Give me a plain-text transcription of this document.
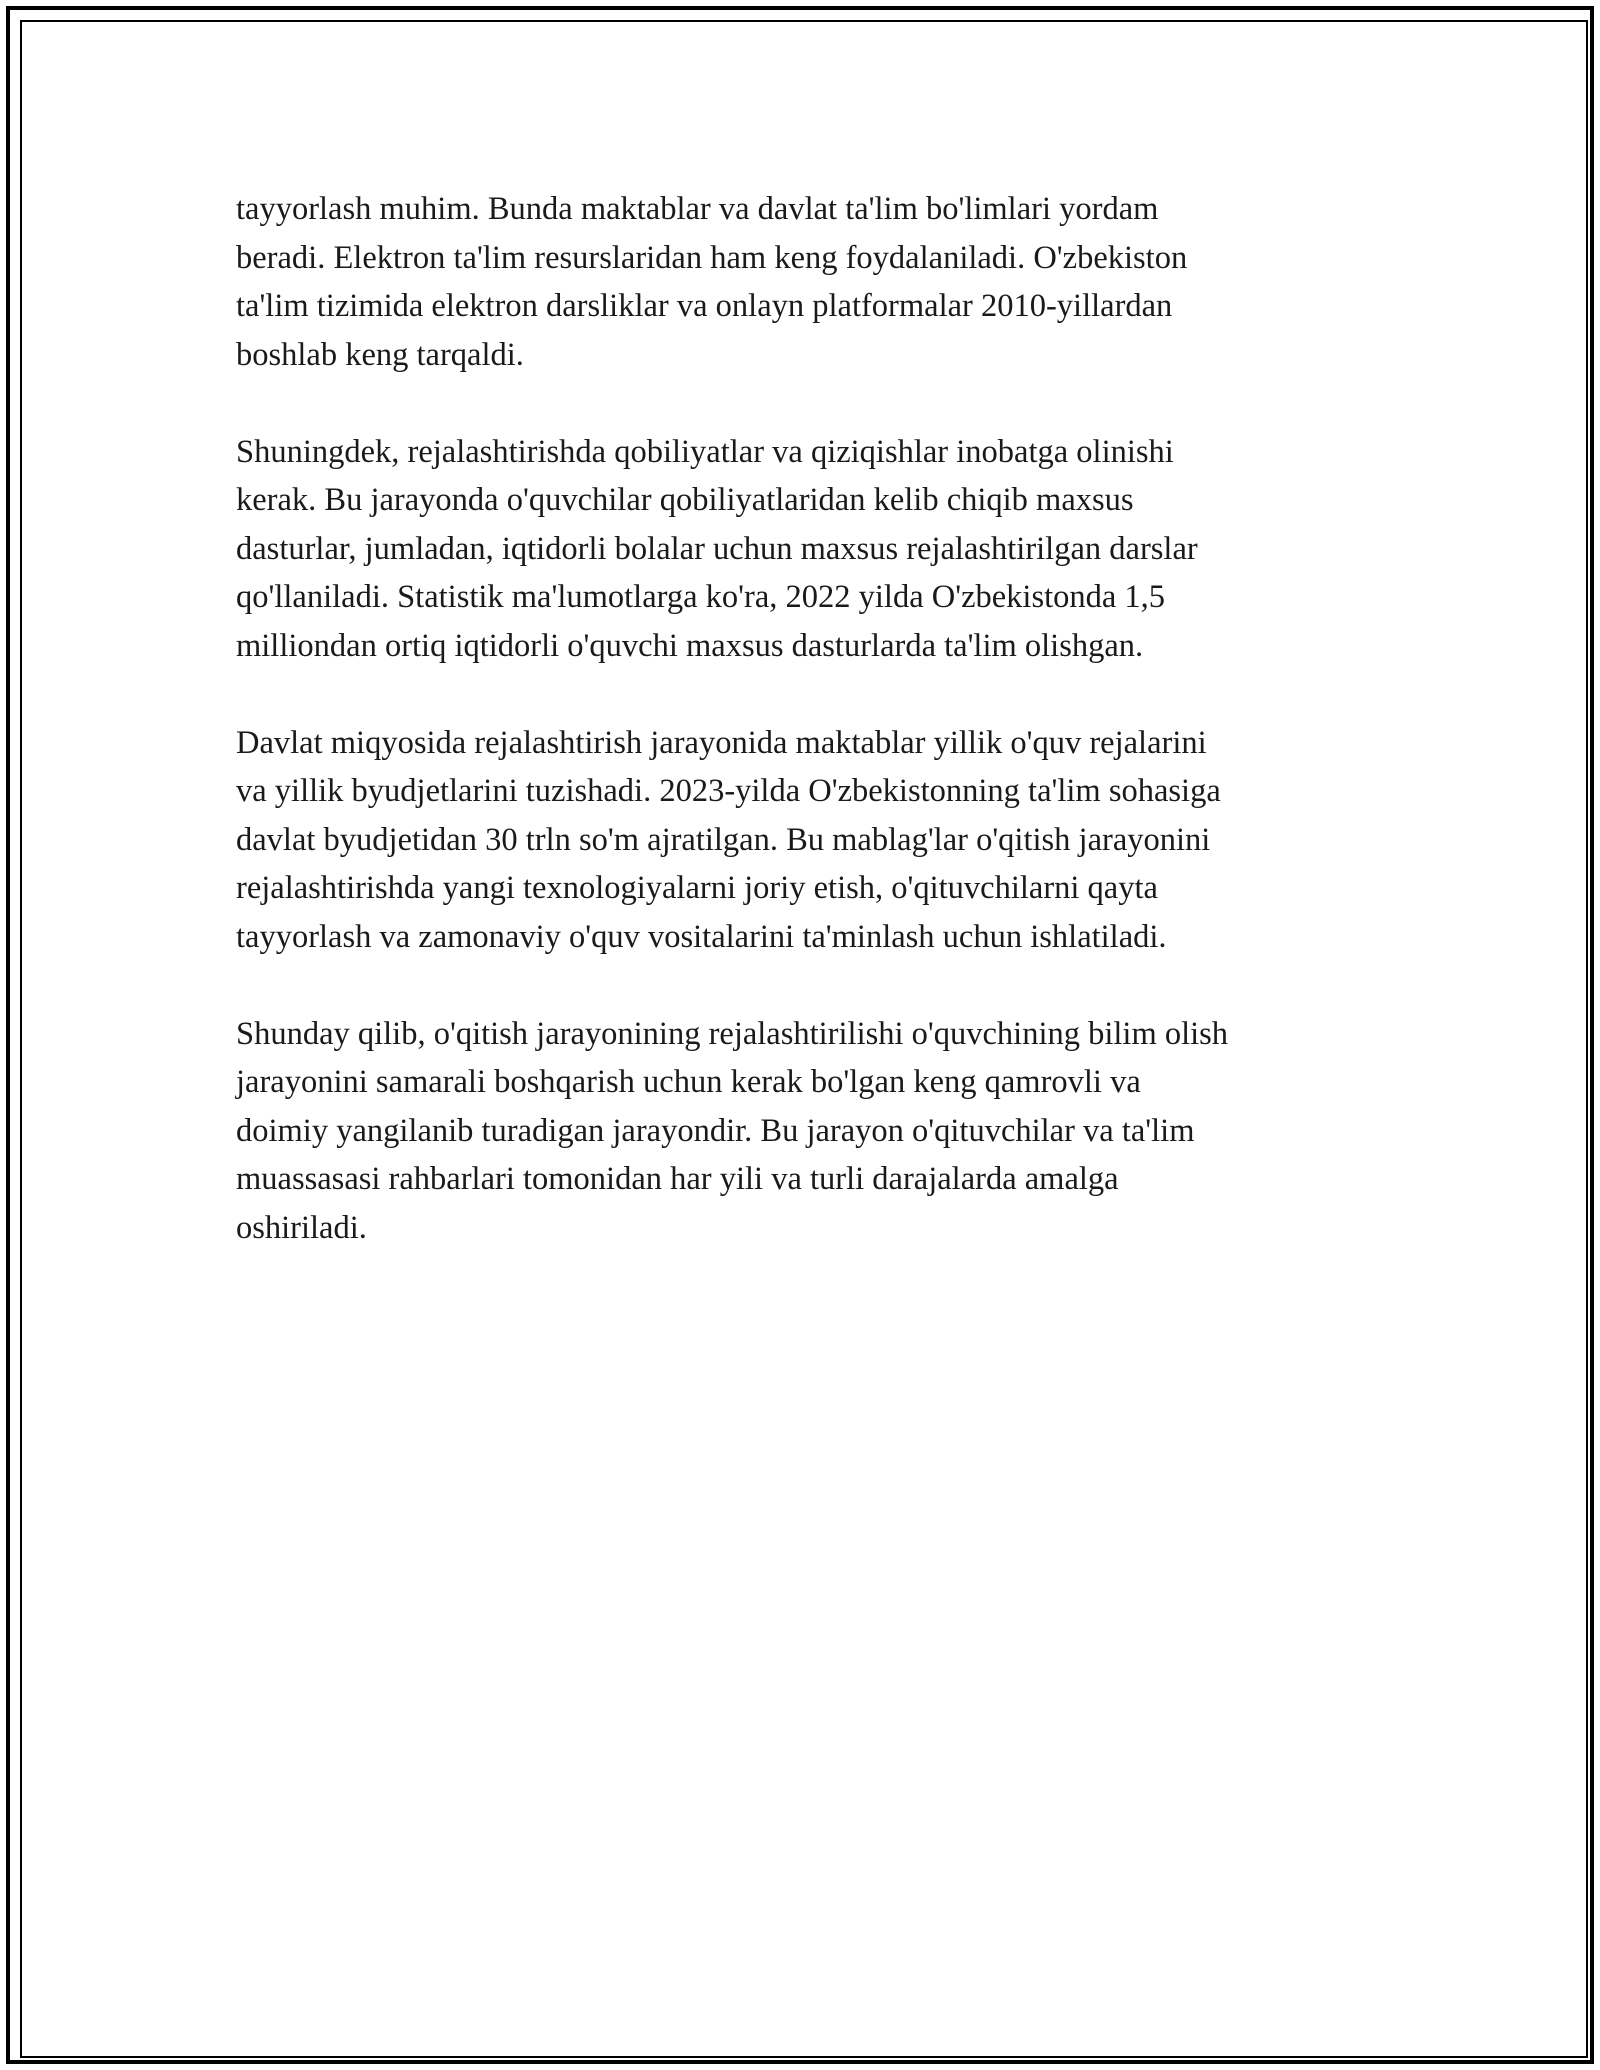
tayyorlash muhim. Bunda maktablar va davlat ta'lim bo'limlari yordam
beradi. Elektron ta'lim resurslaridan ham keng foydalaniladi. O'zbekiston
ta'lim tizimida elektron darsliklar va onlayn platformalar 2010-yillardan
boshlab keng tarqaldi.

Shuningdek, rejalashtirishda qobiliyatlar va qiziqishlar inobatga olinishi
kerak. Bu jarayonda o'quvchilar qobiliyatlaridan kelib chiqib maxsus
dasturlar, jumladan, iqtidorli bolalar uchun maxsus rejalashtirilgan darslar
qo'llaniladi. Statistik ma'lumotlarga ko'ra, 2022 yilda O'zbekistonda 1,5
milliondan ortiq iqtidorli o'quvchi maxsus dasturlarda ta'lim olishgan.

Davlat miqyosida rejalashtirish jarayonida maktablar yillik o'quv rejalarini
va yillik byudjetlarini tuzishadi. 2023-yilda O'zbekistonning ta'lim sohasiga
davlat byudjetidan 30 trln so'm ajratilgan. Bu mablag'lar o'qitish jarayonini
rejalashtirishda yangi texnologiyalarni joriy etish, o'qituvchilarni qayta
tayyorlash va zamonaviy o'quv vositalarini ta'minlash uchun ishlatiladi.

Shunday qilib, o'qitish jarayonining rejalashtirilishi o'quvchining bilim olish
jarayonini samarali boshqarish uchun kerak bo'lgan keng qamrovli va
doimiy yangilanib turadigan jarayondir. Bu jarayon o'qituvchilar va ta'lim
muassasasi rahbarlari tomonidan har yili va turli darajalarda amalga
oshiriladi.
